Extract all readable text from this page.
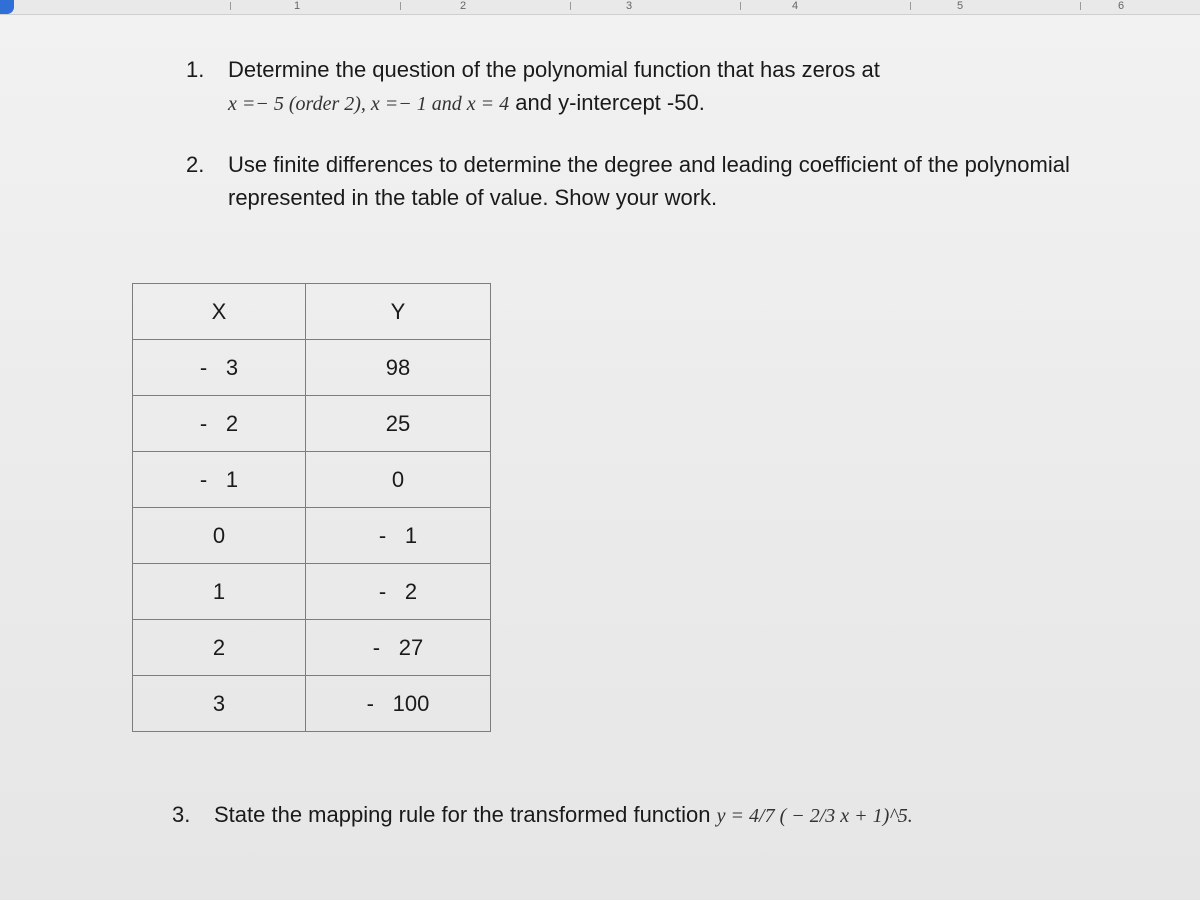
1	2	3	4	5	6
1. Determine the question of the polynomial function that has zeros at
x =− 5 (order 2), x =− 1 and x = 4 and y-intercept -50.
2. Use finite differences to determine the degree and leading coefficient of the polynomial
represented in the table of value. Show your work.
X	Y
- 3	98
- 2	25
- 1	0
0	- 1
1	- 2
2	- 27
3	- 100
3. State the mapping rule for the transformed function y = 4/7 ( − 2/3 x + 1)^5.
